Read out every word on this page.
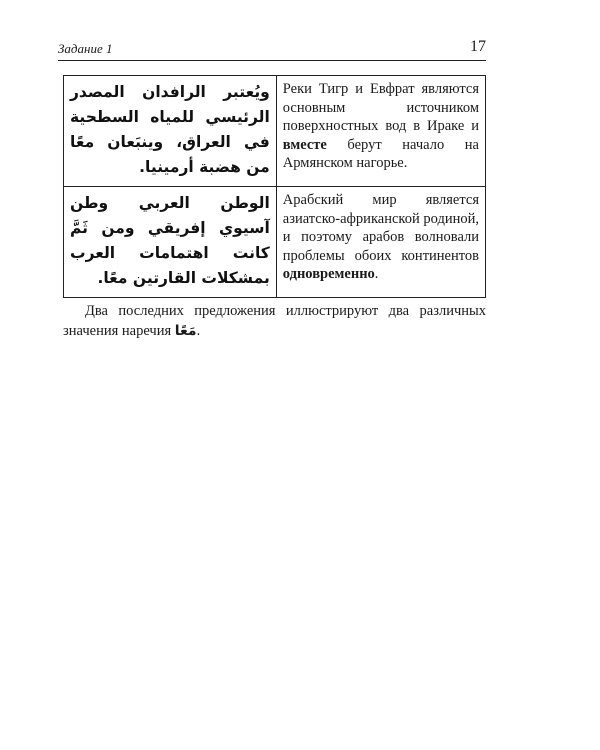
Задание 1	17
ويُعتبر الرافدان المصدر الرئيسي للمياه السطحية في العراق، وينبَعان معًا من هضبة أرمينيا.	Реки Тигр и Евфрат являются основным источником поверхностных вод в Ираке и вместе берут начало на Армянском нагорье.
الوطن العربي وطن آسيوي إفريقي ومن ثَمَّ كانت اهتمامات العرب بمشكلات القارتين معًا.	Арабский мир является азиатско-африканской родиной, и поэтому арабов волновали проблемы обоих континентов одновременно.

Два последних предложения иллюстрируют два различных значения наречия مَعًا.
